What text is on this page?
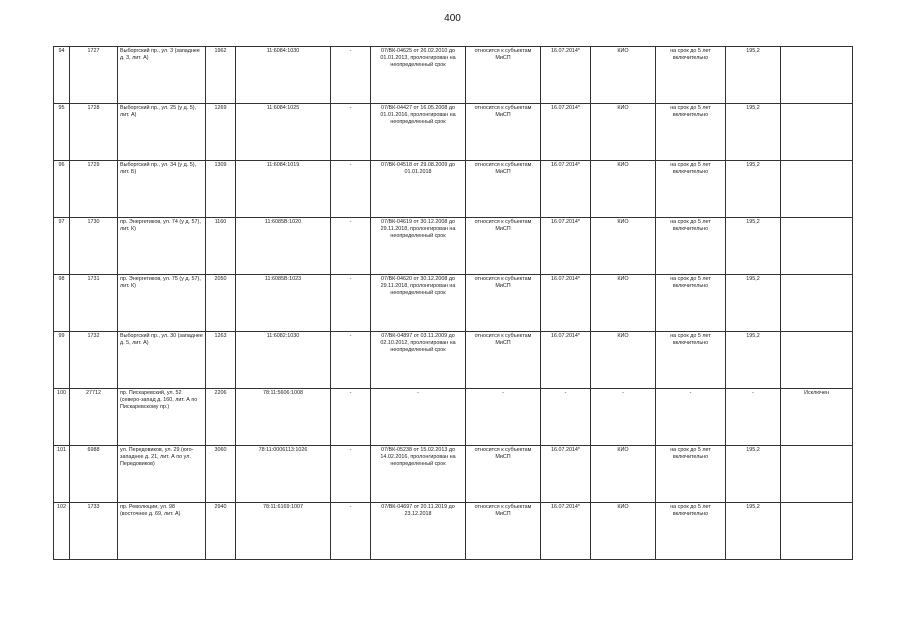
400
94	1727	Выборгский пр., ул. 3 (западнее д. 3, лит. А)	1962	11:6084:1030	-	07/ВК-04625 от 26.02.2010 до 01.01.2013, пролонгирован на неопределенный срок	относится к субъектам МиСП	16.07.2014*	КИО	на срок до 5 лет включительно	195,2	
95	1728	Выборгский пр., ул. 25 (у д. 5), лит. А)	1269	11:6084:1025	-	07/ВК-04427 от 16.05.2008 до 01.01.2016, пролонгирован на неопределенный срок	относится к субъектам МиСП	16.07.2014*	КИО	на срок до 5 лет включительно	195,2	
96	1729	Выборгский пр., ул. 34 (у д. 5), лит. Б)	1309	11:6084:1019	-	07/ВК-04518 от 29.08.2009 до 01.01.2018	относится к субъектам МиСП	16.07.2014*	КИО	на срок до 5 лет включительно	195,2	
97	1730	пр. Энергетиков, ул. 74 (у д. 57), лит. К)	1160	11:6085В:1020	-	07/ВК-04619 от 30.12.2008 до 29.11.2018, пролонгирован на неопределенный срок	относится к субъектам МиСП	16.07.2014*	КИО	на срок до 5 лет включительно	195,2	
98	1731	пр. Энергетиков, ул. 75 (у д. 57), лит. К)	2050	11:6085В:1023	-	07/ВК-04620 от 30.12.2008 до 29.11.2018, пролонгирован на неопределенный срок	относится к субъектам МиСП	16.07.2014*	КИО	на срок до 5 лет включительно	195,2	
99	1732	Выборгский пр., ул. 30 (западнее д. 5, лит. А)	1263	11:6082:1030	-	07/ВК-04897 от 03.11.2009 до 02.10.2012, пролонгирован на неопределенный срок	относится к субъектам МиСП	16.07.2014*	КИО	на срок до 5 лет включительно	195,2	
100	27712	пр. Пискаревский, ул. 52 (северо-запад д. 160, лит. А по Пискаревскому пр.)	2206	78:11:5606:1008	-	-	-	-	-	-	-	Исключен
101	6988	ул. Передовиков, ул. 29 (юго-западнее д. 21, лит. А по ул. Передовиков)	3060	78:11:0006113:1026	-	07/ВК-05238 от 15.02.2013 до 14.02.2016, пролонгирован на неопределенный срок	относится к субъектам МиСП	16.07.2014*	КИО	на срок до 5 лет включительно	195,2	
102	1733	пр. Революции, ул. 98 (восточнее д. 69, лит. А)	2940	78:11:6169:1007	-	07/ВК-04697 от 20.11.2019 до 23.12.2018	относится к субъектам МиСП	16.07.2014*	КИО	на срок до 5 лет включительно	195,2	
